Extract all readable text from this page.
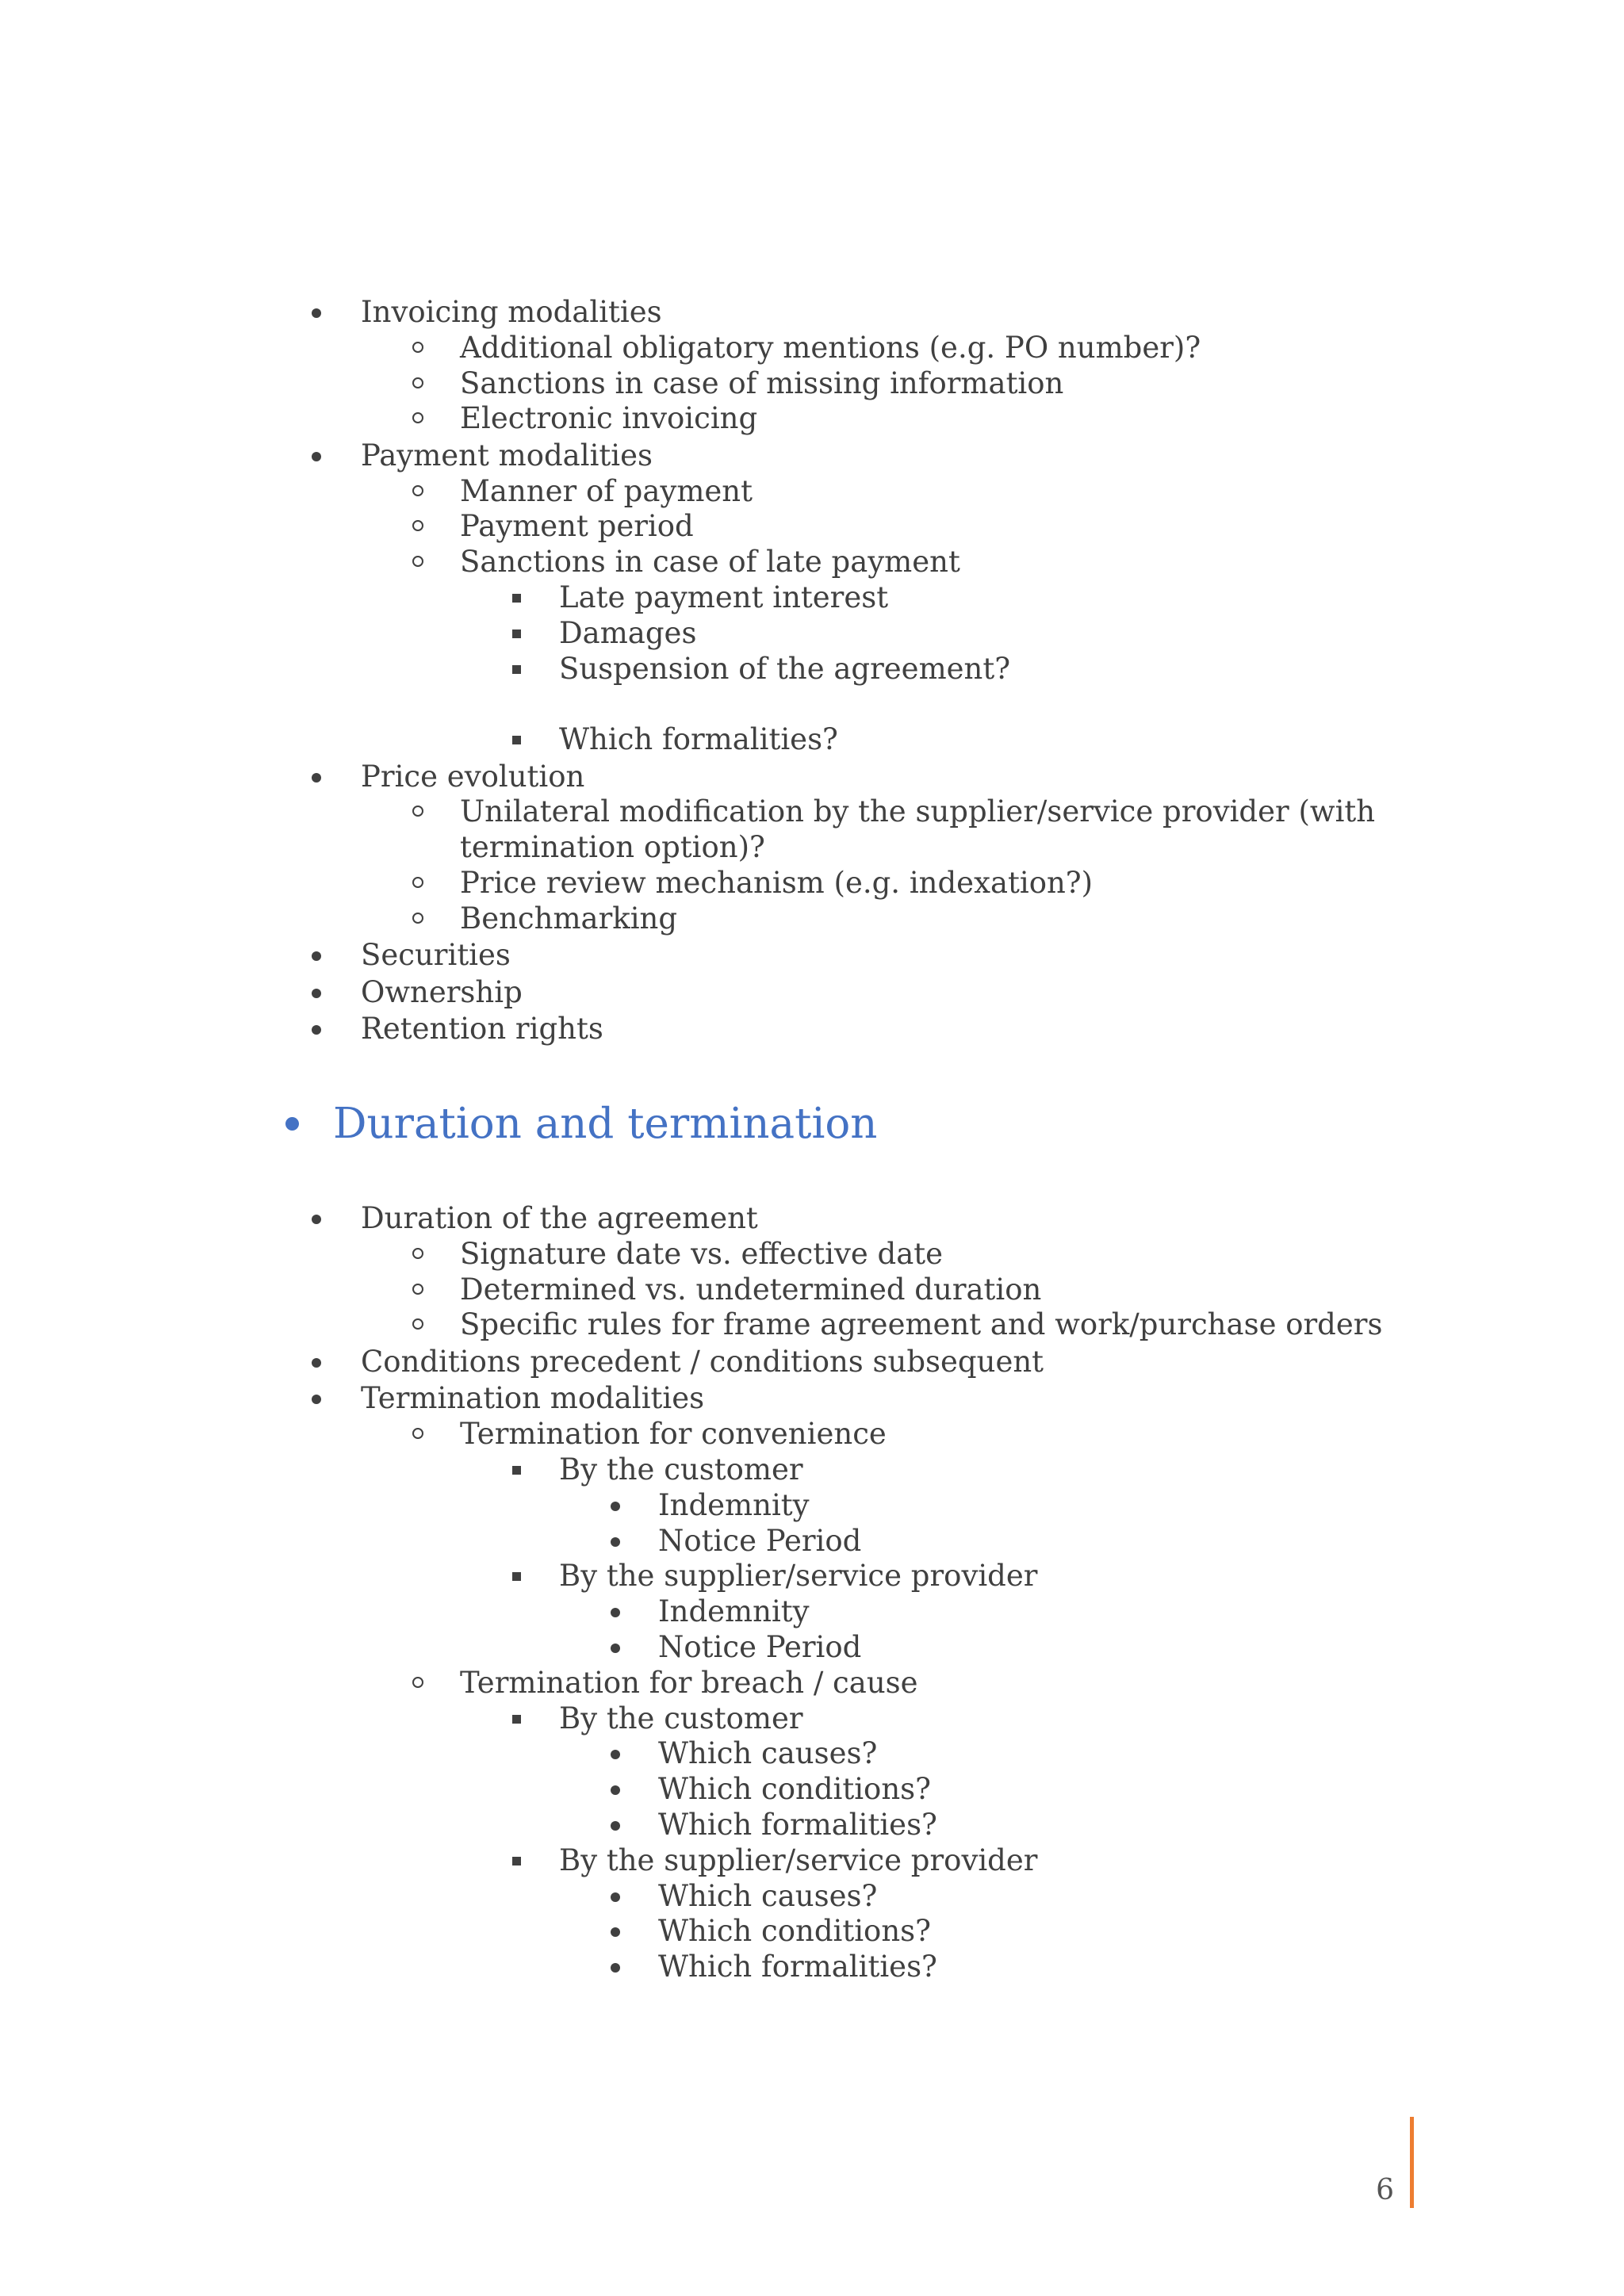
Invoicing modalities
Additional obligatory mentions (e.g. PO number)?
Sanctions in case of missing information
Electronic invoicing
Payment modalities
Manner of payment
Payment period
Sanctions in case of late payment
Late payment interest
Damages
Suspension of the agreement?
Which formalities?
Price evolution
Unilateral modification by the supplier/service provider (with
termination option)?
Price review mechanism (e.g. indexation?)
Benchmarking
Securities
Ownership
Retention rights
Duration and termination
Duration of the agreement
Signature date vs. effective date
Determined vs. undetermined duration
Specific rules for frame agreement and work/purchase orders
Conditions precedent / conditions subsequent
Termination modalities
Termination for convenience
By the customer
Indemnity
Notice Period
By the supplier/service provider
Indemnity
Notice Period
Termination for breach / cause
By the customer
Which causes?
Which conditions?
Which formalities?
By the supplier/service provider
Which causes?
Which conditions?
Which formalities?
6
